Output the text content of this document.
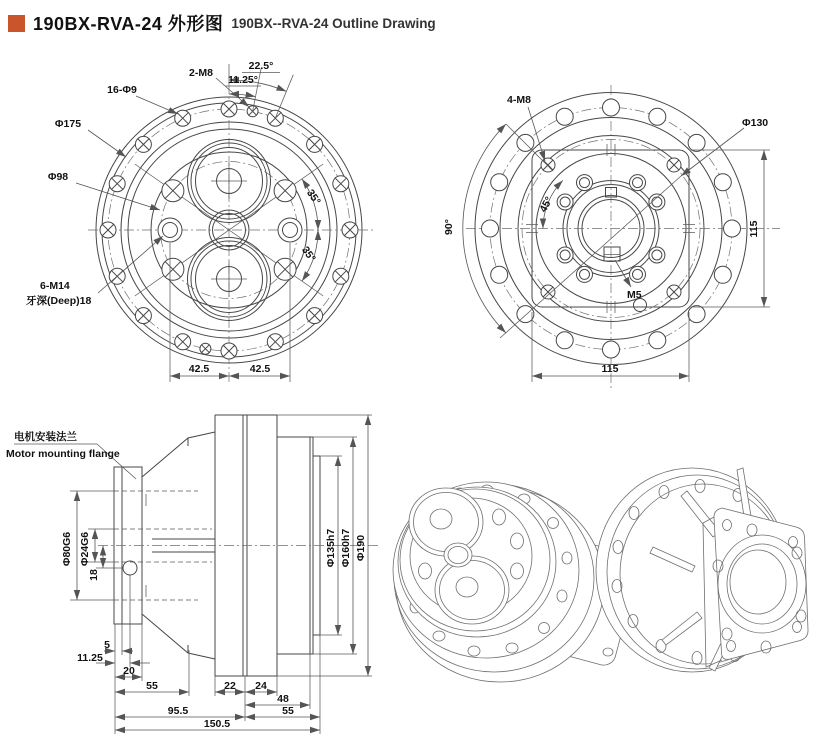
190BX-RVA-24 外形图 190BX--RVA-24 Outline Drawing
2-M8
22.5°
11.25°
16-Φ9
Φ175
Φ98
6-M14
牙深(Deep)18
35°
35°
42.5	42.5
4-M8
Φ130
45°
90°
M5
115
115
电机安装法兰
Motor mounting flange
Φ80G6 Φ24G6
18
5
11.25
20
55	22 24
48
95.5	55
150.5
Φ135h7 Φ160h7 Φ190
